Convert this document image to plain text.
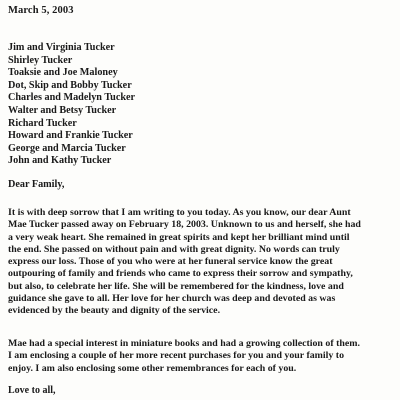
March 5, 2003
Jim and Virginia Tucker
Shirley Tucker
Toaksie and Joe Maloney
Dot, Skip and Bobby Tucker
Charles and Madelyn Tucker
Walter and Betsy Tucker
Richard Tucker
Howard and Frankie Tucker
George and Marcia Tucker
John and Kathy Tucker
Dear Family,

It is with deep sorrow that I am writing to you today. As you know, our dear Aunt
Mae Tucker passed away on February 18, 2003. Unknown to us and herself, she had
a very weak heart. She remained in great spirits and kept her brilliant mind until
the end. She passed on without pain and with great dignity. No words can truly
express our loss. Those of you who were at her funeral service know the great
outpouring of family and friends who came to express their sorrow and sympathy,
but also, to celebrate her life. She will be remembered for the kindness, love and
guidance she gave to all. Her love for her church was deep and devoted as was
evidenced by the beauty and dignity of the service.

Mae had a special interest in miniature books and had a growing collection of them.
I am enclosing a couple of her more recent purchases for you and your family to
enjoy. I am also enclosing some other remembrances for each of you.

Love to all,
